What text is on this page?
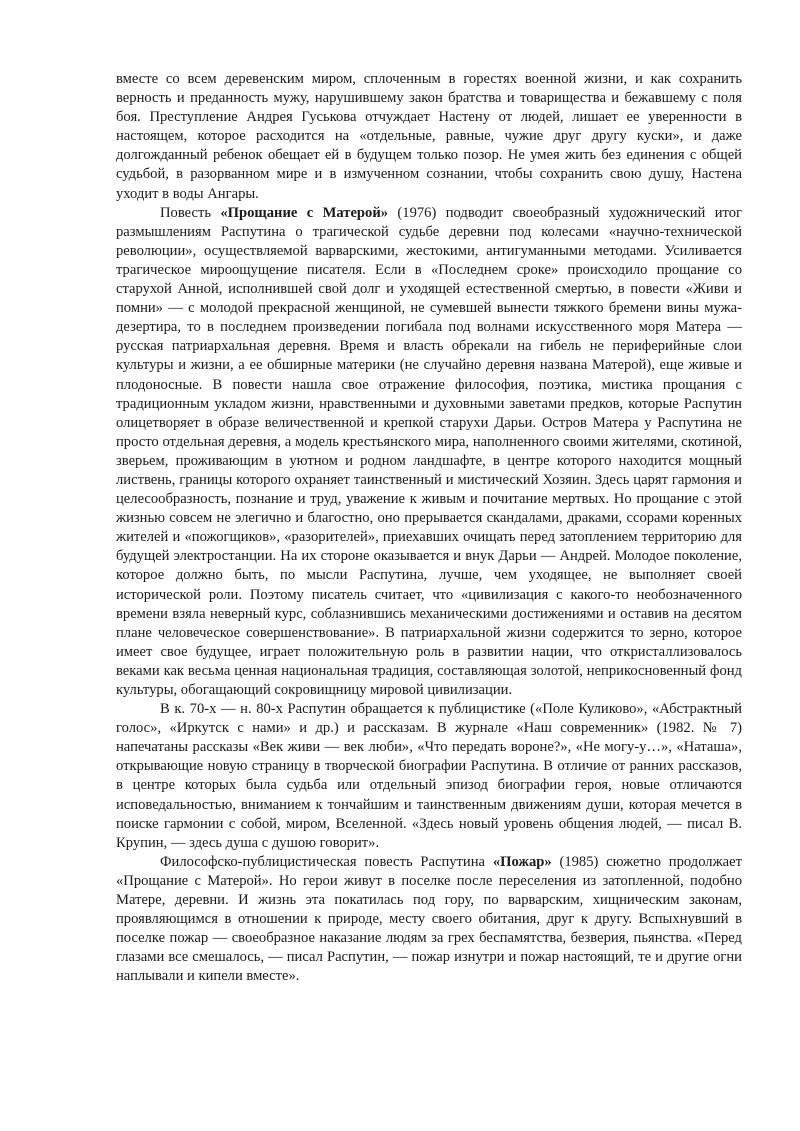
вместе со всем деревенским миром, сплоченным в горестях военной жизни, и как сохранить верность и преданность мужу, нарушившему закон братства и товарищества и бежавшему с поля боя. Преступление Андрея Гуськова отчуждает Настену от людей, лишает ее уверенности в настоящем, которое расходится на «отдельные, равные, чужие друг другу куски», и даже долгожданный ребенок обещает ей в будущем только позор. Не умея жить без единения с общей судьбой, в разорванном мире и в измученном сознании, чтобы сохранить свою душу, Настена уходит в воды Ангары.

Повесть «Прощание с Матерой» (1976) подводит своеобразный художнический итог размышлениям Распутина о трагической судьбе деревни под колесами «научно-технической революции», осуществляемой варварскими, жестокими, антигуманными методами. Усиливается трагическое мироощущение писателя. Если в «Последнем сроке» происходило прощание со старухой Анной, исполнившей свой долг и уходящей естественной смертью, в повести «Живи и помни» — с молодой прекрасной женщиной, не сумевшей вынести тяжкого бремени вины мужа-дезертира, то в последнем произведении погибала под волнами искусственного моря Матера — русская патриархальная деревня. Время и власть обрекали на гибель не периферийные слои культуры и жизни, а ее обширные материки (не случайно деревня названа Матерой), еще живые и плодоносные. В повести нашла свое отражение философия, поэтика, мистика прощания с традиционным укладом жизни, нравственными и духовными заветами предков, которые Распутин олицетворяет в образе величественной и крепкой старухи Дарьи. Остров Матера у Распутина не просто отдельная деревня, а модель крестьянского мира, наполненного своими жителями, скотиной, зверьем, проживающим в уютном и родном ландшафте, в центре которого находится мощный листвень, границы которого охраняет таинственный и мистический Хозяин. Здесь царят гармония и целесообразность, познание и труд, уважение к живым и почитание мертвых. Но прощание с этой жизнью совсем не элегично и благостно, оно прерывается скандалами, драками, ссорами коренных жителей и «пожогщиков», «разорителей», приехавших очищать перед затоплением территорию для будущей электростанции. На их стороне оказывается и внук Дарьи — Андрей. Молодое поколение, которое должно быть, по мысли Распутина, лучше, чем уходящее, не выполняет своей исторической роли. Поэтому писатель считает, что «цивилизация с какого-то необозначенного времени взяла неверный курс, соблазнившись механическими достижениями и оставив на десятом плане человеческое совершенствование». В патриархальной жизни содержится то зерно, которое имеет свое будущее, играет положительную роль в развитии нации, что откристаллизовалось веками как весьма ценная национальная традиция, составляющая золотой, неприкосновенный фонд культуры, обогащающий сокровищницу мировой цивилизации.

В к. 70-х — н. 80-х Распутин обращается к публицистике («Поле Куликово», «Абстрактный голос», «Иркутск с нами» и др.) и рассказам. В журнале «Наш современник» (1982. № 7) напечатаны рассказы «Век живи — век люби», «Что передать вороне?», «Не могу-у…», «Наташа», открывающие новую страницу в творческой биографии Распутина. В отличие от ранних рассказов, в центре которых была судьба или отдельный эпизод биографии героя, новые отличаются исповедальностью, вниманием к тончайшим и таинственным движениям души, которая мечется в поиске гармонии с собой, миром, Вселенной. «Здесь новый уровень общения людей, — писал В. Крупин, — здесь душа с душою говорит».

Философско-публицистическая повесть Распутина «Пожар» (1985) сюжетно продолжает «Прощание с Матерой». Но герои живут в поселке после переселения из затопленной, подобно Матере, деревни. И жизнь эта покатилась под гору, по варварским, хищническим законам, проявляющимся в отношении к природе, месту своего обитания, друг к другу. Вспыхнувший в поселке пожар — своеобразное наказание людям за грех беспамятства, безверия, пьянства. «Перед глазами все смешалось, — писал Распутин, — пожар изнутри и пожар настоящий, те и другие огни наплывали и кипели вместе».
